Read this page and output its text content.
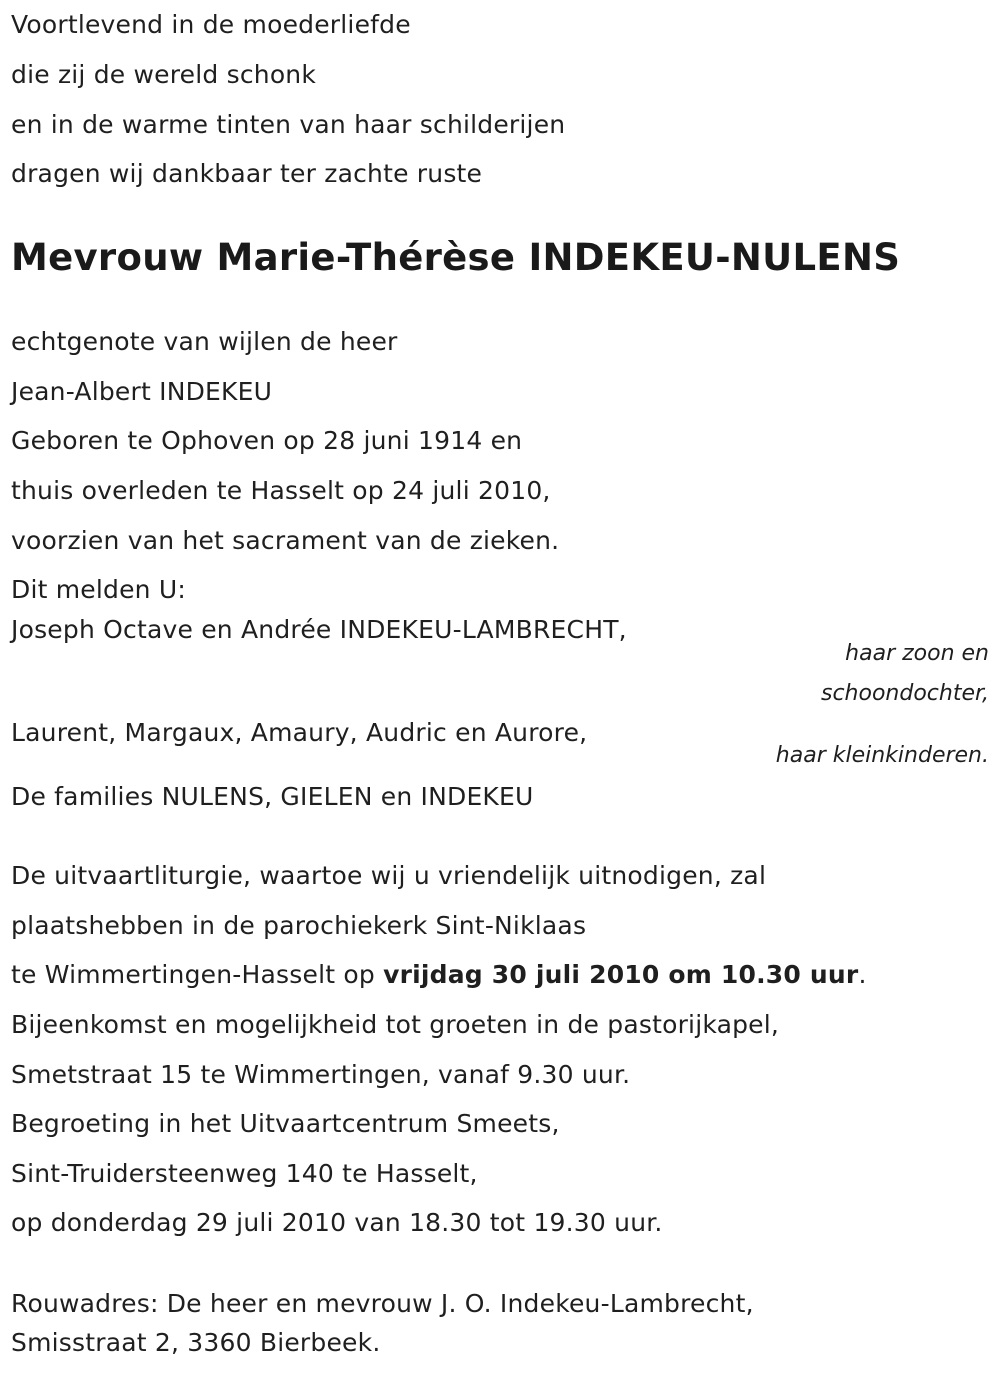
Voortlevend in de moederliefde
die zij de wereld schonk
en in de warme tinten van haar schilderijen
dragen wij dankbaar ter zachte ruste
Mevrouw Marie-Thérèse INDEKEU-NULENS
echtgenote van wijlen de heer
Jean-Albert INDEKEU
Geboren te Ophoven op 28 juni 1914 en
thuis overleden te Hasselt op 24 juli 2010,
voorzien van het sacrament van de zieken.
Dit melden U:
Joseph Octave en Andrée INDEKEU-LAMBRECHT,
haar zoon en
schoondochter,
Laurent, Margaux, Amaury, Audric en Aurore,
haar kleinkinderen.
De families NULENS, GIELEN en INDEKEU
De uitvaartliturgie, waartoe wij u vriendelijk uitnodigen, zal
plaatshebben in de parochiekerk Sint-Niklaas
te Wimmertingen-Hasselt op vrijdag 30 juli 2010 om 10.30 uur.
Bijeenkomst en mogelijkheid tot groeten in de pastorijkapel,
Smetstraat 15 te Wimmertingen, vanaf 9.30 uur.
Begroeting in het Uitvaartcentrum Smeets,
Sint-Truidersteenweg 140 te Hasselt,
op donderdag 29 juli 2010 van 18.30 tot 19.30 uur.
Rouwadres: De heer en mevrouw J. O. Indekeu-Lambrecht,
Smisstraat 2, 3360 Bierbeek.
